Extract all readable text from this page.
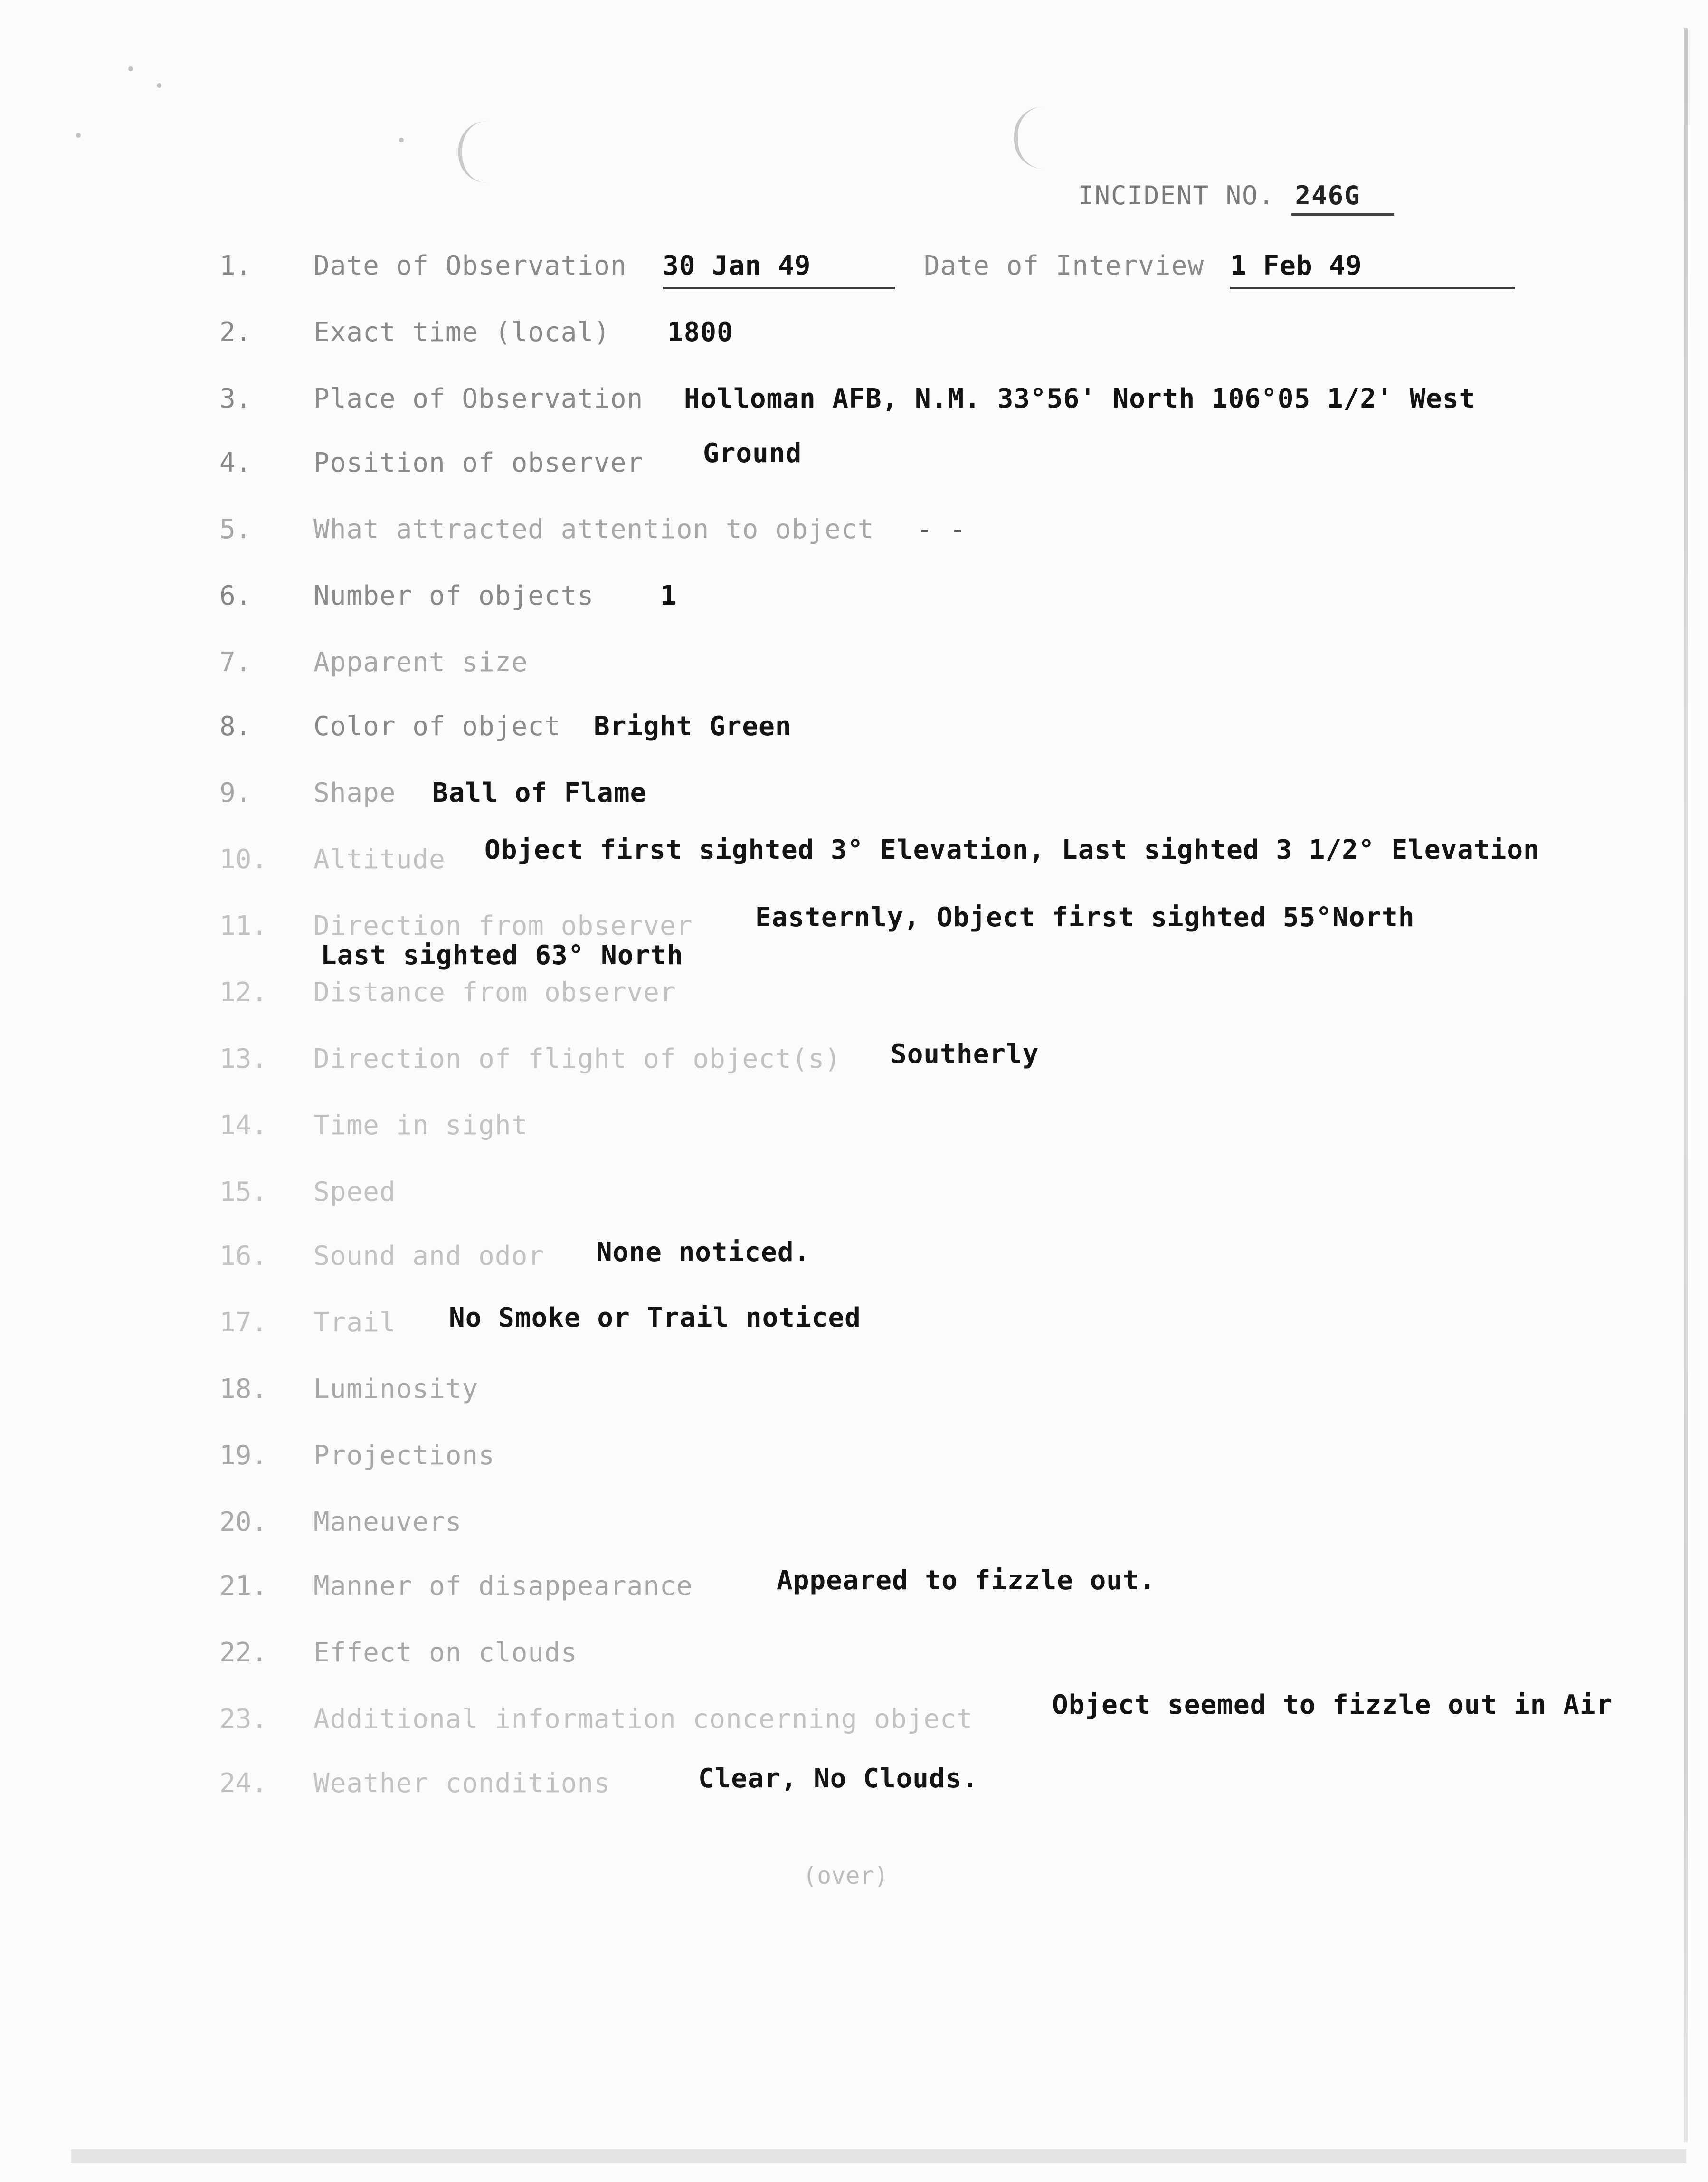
INCIDENT NO. 246G
1. Date of Observation 30 Jan 49	Date of Interview 1 Feb 49
2. Exact time (local) 1800
3. Place of Observation Holloman AFB, N.M. 33°56' North 106°05 1/2' West
4. Position of observer Ground
5. What attracted attention to object - -
6. Number of objects 1
7. Apparent size
8. Color of object Bright Green
9. Shape Ball of Flame
10. Altitude Object first sighted 3° Elevation, Last sighted 3 1/2° Elevation
11. Direction from observer Easternly, Object first sighted 55°North
Last sighted 63° North
12. Distance from observer
13. Direction of flight of object(s) Southerly
14. Time in sight
15. Speed
16. Sound and odor None noticed.
17. Trail No Smoke or Trail noticed
18. Luminosity
19. Projections
20. Maneuvers
21. Manner of disappearance	Appeared to fizzle out.
22. Effect on clouds
23. Additional information concerning object	Object seemed to fizzle out in Air
24. Weather conditions	Clear, No Clouds.
(over)
